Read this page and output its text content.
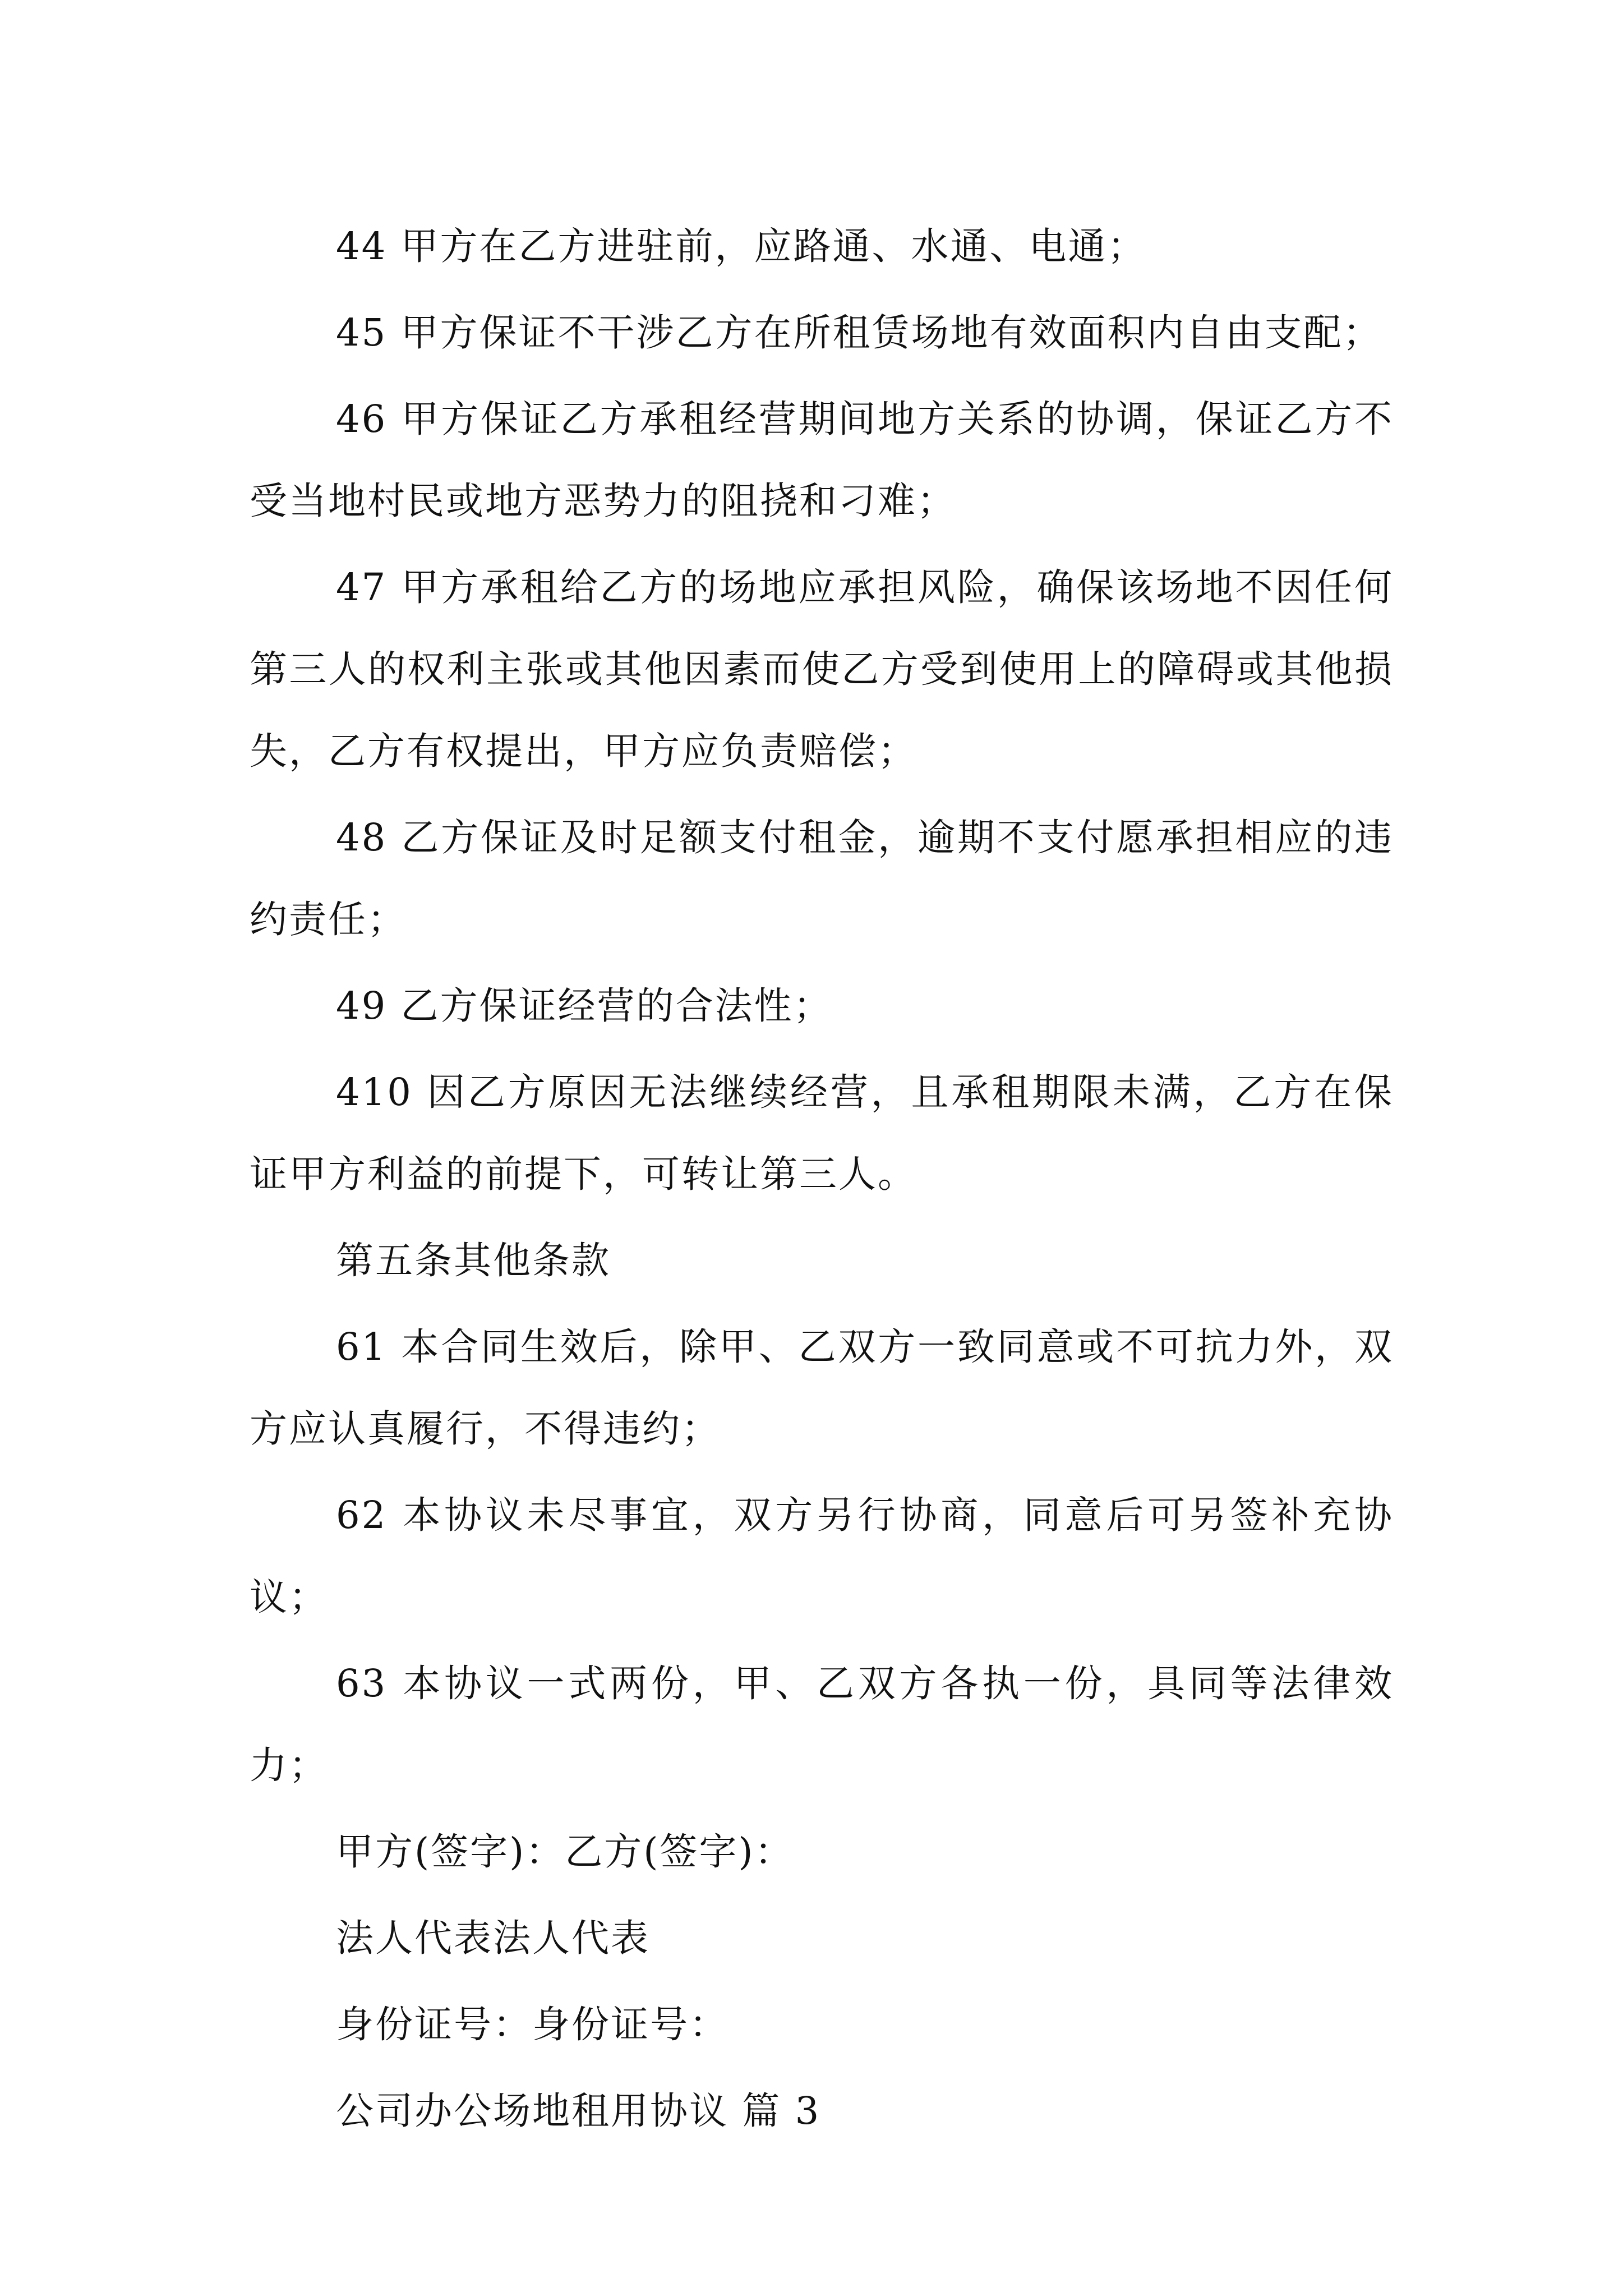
44 甲方在乙方进驻前，应路通、水通、电通；

45 甲方保证不干涉乙方在所租赁场地有效面积内自由支配；

46 甲方保证乙方承租经营期间地方关系的协调，保证乙方不受当地村民或地方恶势力的阻挠和刁难；

47 甲方承租给乙方的场地应承担风险，确保该场地不因任何第三人的权利主张或其他因素而使乙方受到使用上的障碍或其他损失，乙方有权提出，甲方应负责赔偿；

48 乙方保证及时足额支付租金，逾期不支付愿承担相应的违约责任；

49 乙方保证经营的合法性；

410 因乙方原因无法继续经营，且承租期限未满，乙方在保证甲方利益的前提下，可转让第三人。

第五条其他条款

61 本合同生效后，除甲、乙双方一致同意或不可抗力外，双方应认真履行，不得违约；

62 本协议未尽事宜，双方另行协商，同意后可另签补充协议；

63 本协议一式两份，甲、乙双方各执一份，具同等法律效力；

甲方(签字)：乙方(签字)：

法人代表法人代表

身份证号：身份证号：

公司办公场地租用协议 篇 3
